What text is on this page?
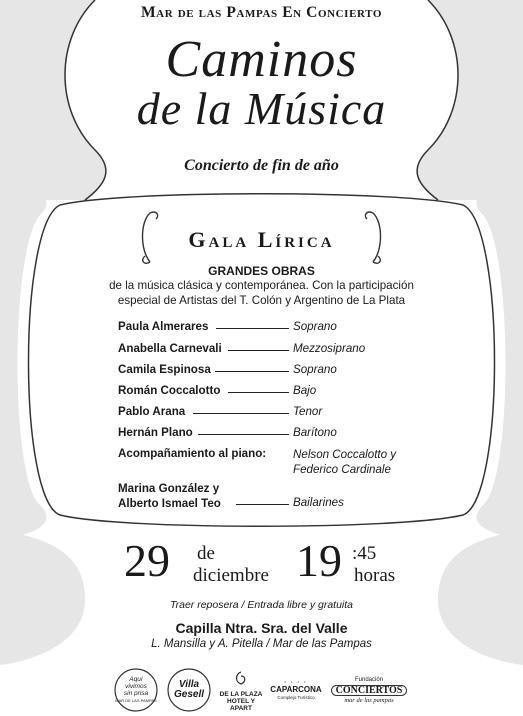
Mar de las Pampas En Concierto
Caminos
de la Música
Concierto de fin de año
Gala Lírica
GRANDES OBRAS
de la música clásica y contemporánea. Con la participación
especial de Artistas del T. Colón y Argentino de La Plata
Paula Almerares	Soprano
Anabella Carnevali	Mezzosiprano
Camila Espinosa	Soprano
Román Coccalotto	Bajo
Pablo Arana	Tenor
Hernán Plano	Barítono
Acompañamiento al piano: Nelson Coccalotto y
Federico Cardinale
Marina González y
Alberto Ismael Teo	Bailarines
29 de
diciembre 19 :45
horas
Traer reposera / Entrada libre y gratuita
Capilla Ntra. Sra. del Valle
L. Mansilla y A. Pitella / Mar de las Pampas
Aquí
vivimos
sin prisa
MAR DE LAS PAMPAS
Villa
Gesell	DE LA PLAZA
HOTEL Y APART
• • • •
CAPARCONA
Complejo Turístico
Fundación
CONCIERTOS
mar de las pampas
